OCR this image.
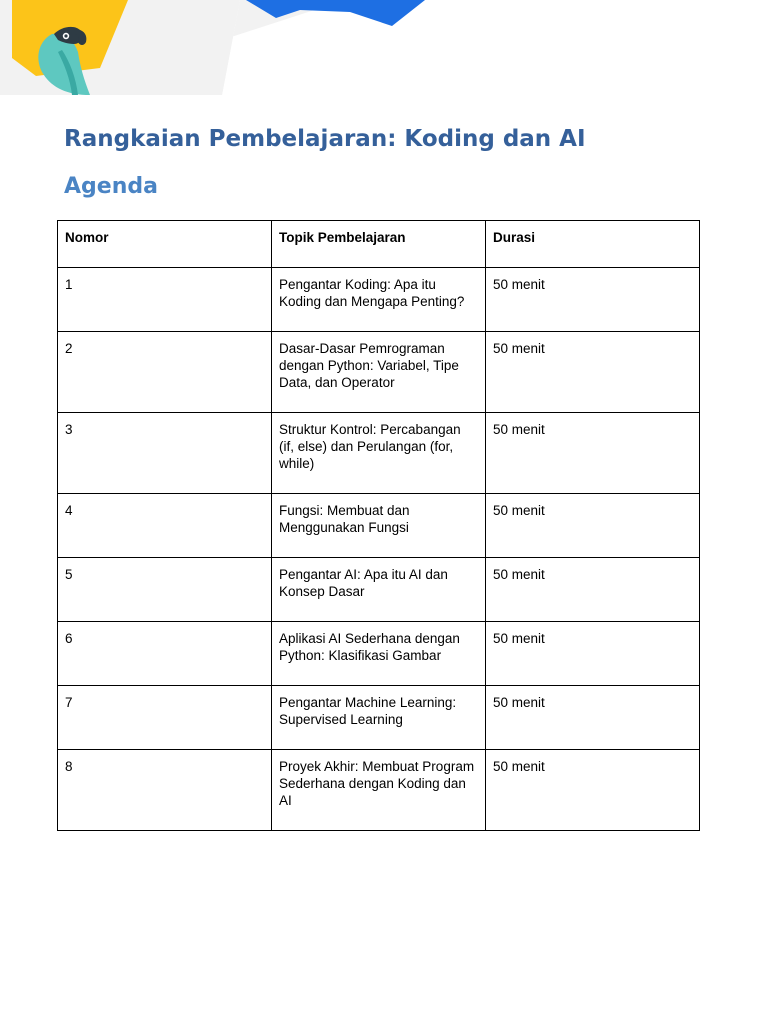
Rangkaian Pembelajaran: Koding dan AI
Agenda
Nomor	Topik Pembelajaran	Durasi
1	Pengantar Koding: Apa itu Koding dan Mengapa Penting?	50 menit
2	Dasar-Dasar Pemrograman dengan Python: Variabel, Tipe Data, dan Operator	50 menit
3	Struktur Kontrol: Percabangan (if, else) dan Perulangan (for, while)	50 menit
4	Fungsi: Membuat dan Menggunakan Fungsi	50 menit
5	Pengantar AI: Apa itu AI dan Konsep Dasar	50 menit
6	Aplikasi AI Sederhana dengan Python: Klasifikasi Gambar	50 menit
7	Pengantar Machine Learning: Supervised Learning	50 menit
8	Proyek Akhir: Membuat Program Sederhana dengan Koding dan AI	50 menit
